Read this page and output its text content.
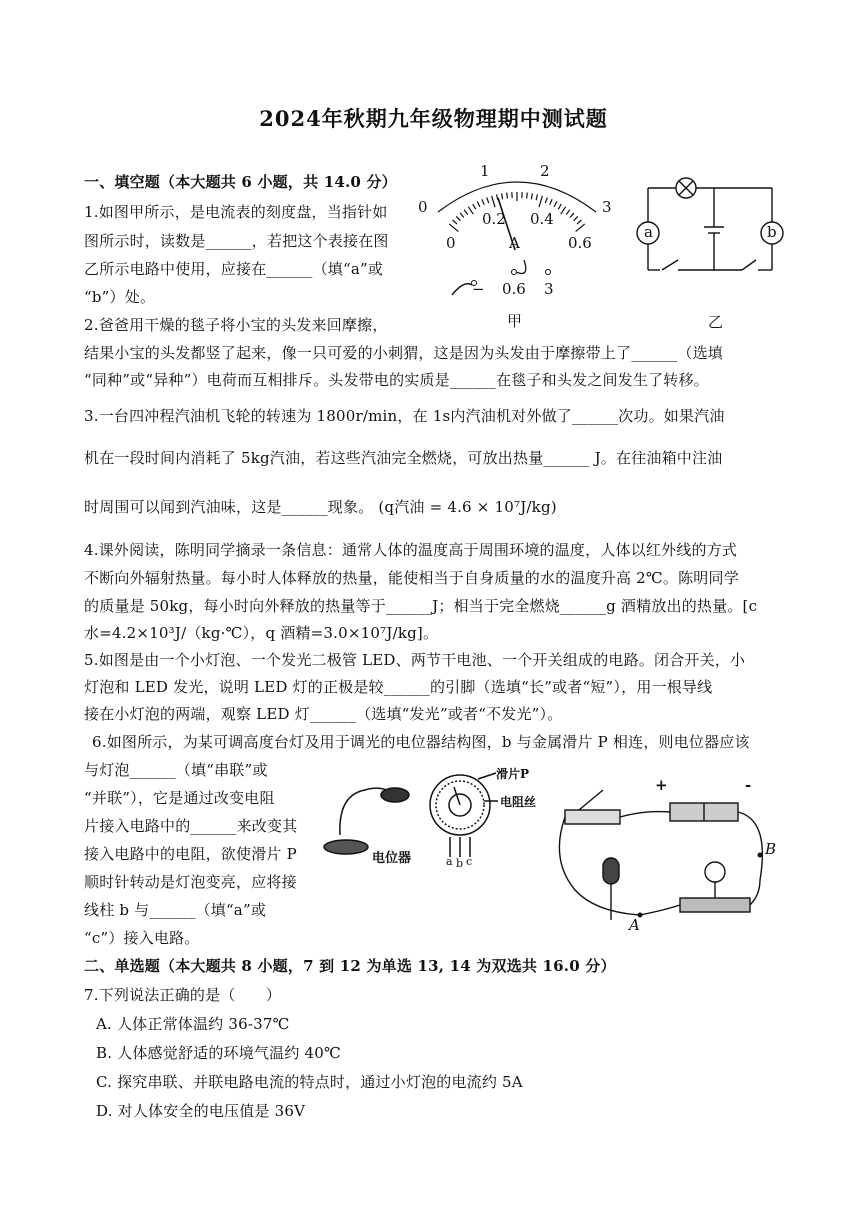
2024年秋期九年级物理期中测试题
一、填空题（本大题共 6 小题，共 14.0 分）
1.如图甲所示，是电流表的刻度盘，当指针如
图所示时，读数是______，若把这个表接在图
乙所示电路中使用，应接在______（填“a”或
“b”）处。
2.爸爸用干燥的毯子将小宝的头发来回摩擦，
结果小宝的头发都竖了起来，像一只可爱的小刺猬，这是因为头发由于摩擦带上了______（选填
“同种”或“异种”）电荷而互相排斥。头发带电的实质是______在毯子和头发之间发生了转移。
3.一台四冲程汽油机飞轮的转速为 1800r/min，在 1s内汽油机对外做了______次功。如果汽油
机在一段时间内消耗了 5kg汽油，若这些汽油完全燃烧，可放出热量______ J。在往油箱中注油
时周围可以闻到汽油味，这是______现象。 (q汽油 = 4.6 × 10⁷J/kg)
4.课外阅读，陈明同学摘录一条信息：通常人体的温度高于周围环境的温度，人体以红外线的方式
不断向外辐射热量。每小时人体释放的热量，能使相当于自身质量的水的温度升高 2℃。陈明同学
的质量是 50kg，每小时向外释放的热量等于______J；相当于完全燃烧______g 酒精放出的热量。[c
水=4.2×10³J/（kg·℃），q 酒精=3.0×10⁷J/kg]。
5.如图是由一个小灯泡、一个发光二极管 LED、两节干电池、一个开关组成的电路。闭合开关，小
灯泡和 LED 发光，说明 LED 灯的正极是较______的引脚（选填“长”或者“短”），用一根导线
接在小灯泡的两端，观察 LED 灯______（选填“发光”或者“不发光”）。
6.如图所示，为某可调高度台灯及用于调光的电位器结构图，b 与金属滑片 P 相连，则电位器应该
与灯泡______（填“串联”或
“并联”），它是通过改变电阻
片接入电路中的______来改变其
接入电路中的电阻，欲使滑片 P
顺时针转动是灯泡变亮，应将接
线柱 b 与______（填“a”或
“c”）接入电路。
二、单选题（本大题共 8 小题，7 到 12 为单选 13, 14 为双选共 16.0 分）
7.下列说法正确的是（　　）
A. 人体正常体温约 36-37℃
B. 人体感觉舒适的环境气温约 40℃
C. 探究串联、并联电路电流的特点时，通过小灯泡的电流约 5A
D. 对人体安全的电压值是 36V
0
1	2
3
0
0.2 0.4
0.6
A
− 0.6 3
甲
a	b
乙
滑片P
电阻丝
电位器	a b c
+	-
A
B
